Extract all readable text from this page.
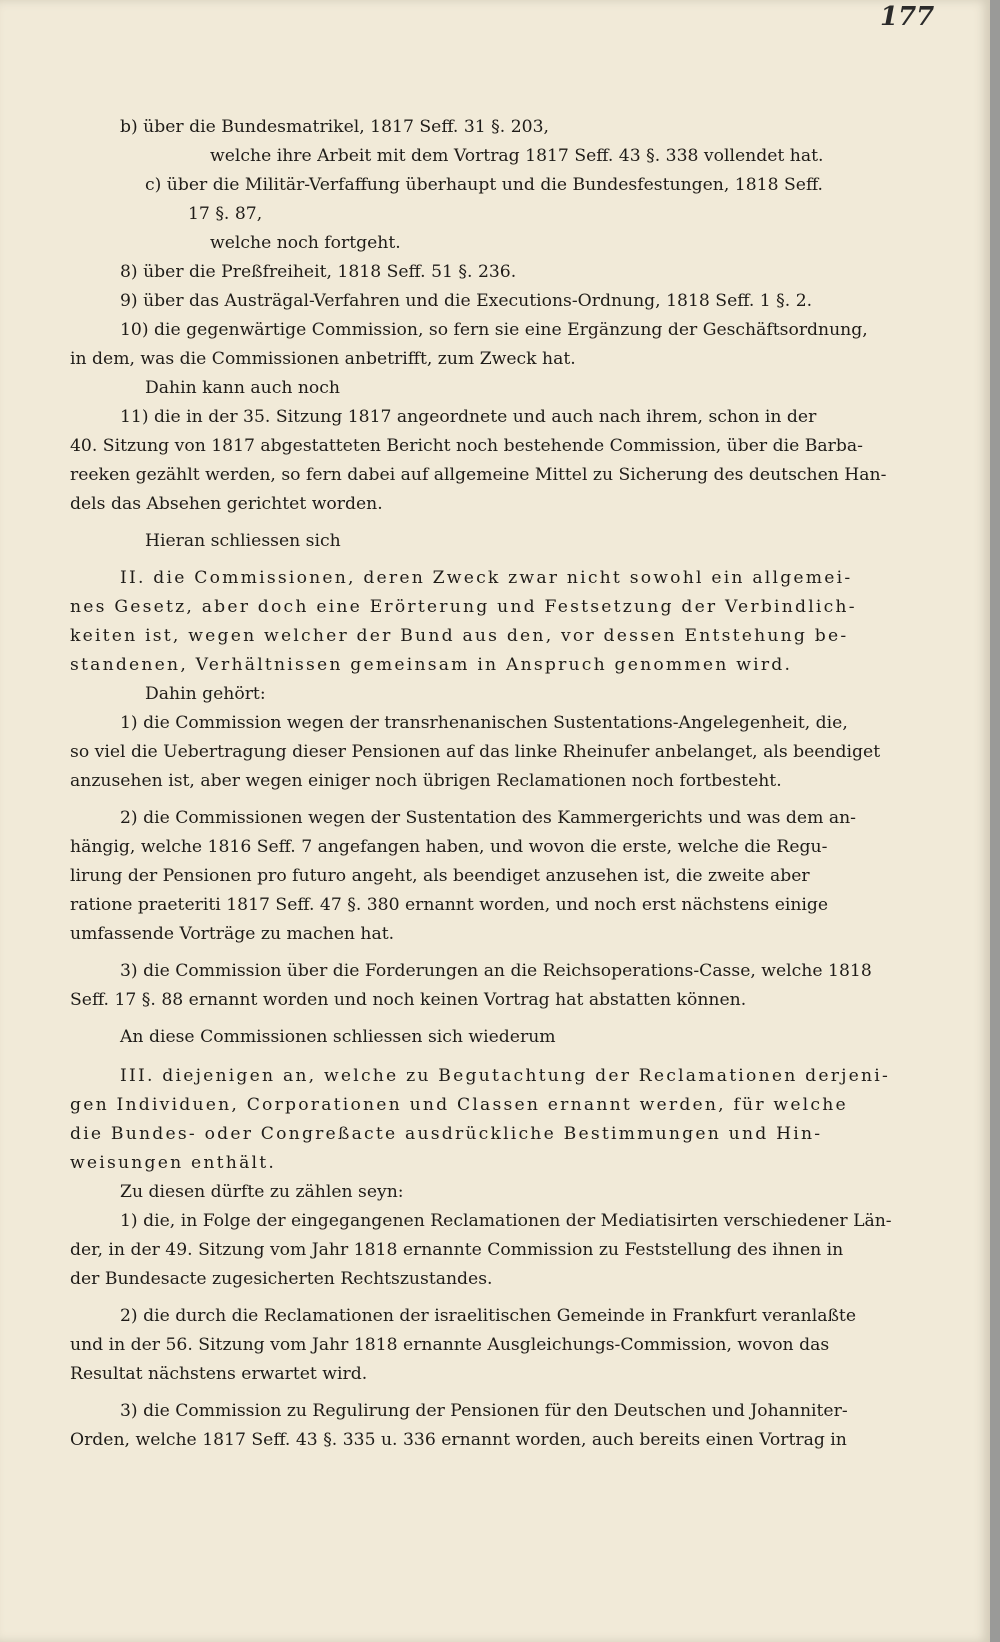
177
b) über die Bundesmatrikel, 1817 Seff. 31 §. 203,
welche ihre Arbeit mit dem Vortrag 1817 Seff. 43 §. 338 vollendet hat.
c) über die Militär-Verfaffung überhaupt und die Bundesfestungen, 1818 Seff.
17 §. 87,
welche noch fortgeht.
8) über die Preßfreiheit, 1818 Seff. 51 §. 236.
9) über das Austrägal-Verfahren und die Executions-Ordnung, 1818 Seff. 1 §. 2.
10) die gegenwärtige Commission, so fern sie eine Ergänzung der Geschäftsordnung,
in dem, was die Commissionen anbetrifft, zum Zweck hat.
Dahin kann auch noch
11) die in der 35. Sitzung 1817 angeordnete und auch nach ihrem, schon in der
40. Sitzung von 1817 abgestatteten Bericht noch bestehende Commission, über die Barba-
reeken gezählt werden, so fern dabei auf allgemeine Mittel zu Sicherung des deutschen Han-
dels das Absehen gerichtet worden.
Hieran schliessen sich
II. die Commissionen, deren Zweck zwar nicht sowohl ein allgemei-
nes Gesetz, aber doch eine Erörterung und Festsetzung der Verbindlich-
keiten ist, wegen welcher der Bund aus den, vor dessen Entstehung be-
standenen, Verhältnissen gemeinsam in Anspruch genommen wird.
Dahin gehört:
1) die Commission wegen der transrhenanischen Sustentations-Angelegenheit, die,
so viel die Uebertragung dieser Pensionen auf das linke Rheinufer anbelanget, als beendiget
anzusehen ist, aber wegen einiger noch übrigen Reclamationen noch fortbesteht.
2) die Commissionen wegen der Sustentation des Kammergerichts und was dem an-
hängig, welche 1816 Seff. 7 angefangen haben, und wovon die erste, welche die Regu-
lirung der Pensionen pro futuro angeht, als beendiget anzusehen ist, die zweite aber
ratione praeteriti 1817 Seff. 47 §. 380 ernannt worden, und noch erst nächstens einige
umfassende Vorträge zu machen hat.
3) die Commission über die Forderungen an die Reichsoperations-Casse, welche 1818
Seff. 17 §. 88 ernannt worden und noch keinen Vortrag hat abstatten können.
An diese Commissionen schliessen sich wiederum
III. diejenigen an, welche zu Begutachtung der Reclamationen derjeni-
gen Individuen, Corporationen und Classen ernannt werden, für welche
die Bundes- oder Congreßacte ausdrückliche Bestimmungen und Hin-
weisungen enthält.
Zu diesen dürfte zu zählen seyn:
1) die, in Folge der eingegangenen Reclamationen der Mediatisirten verschiedener Län-
der, in der 49. Sitzung vom Jahr 1818 ernannte Commission zu Feststellung des ihnen in
der Bundesacte zugesicherten Rechtszustandes.
2) die durch die Reclamationen der israelitischen Gemeinde in Frankfurt veranlaßte
und in der 56. Sitzung vom Jahr 1818 ernannte Ausgleichungs-Commission, wovon das
Resultat nächstens erwartet wird.
3) die Commission zu Regulirung der Pensionen für den Deutschen und Johanniter-
Orden, welche 1817 Seff. 43 §. 335 u. 336 ernannt worden, auch bereits einen Vortrag in
